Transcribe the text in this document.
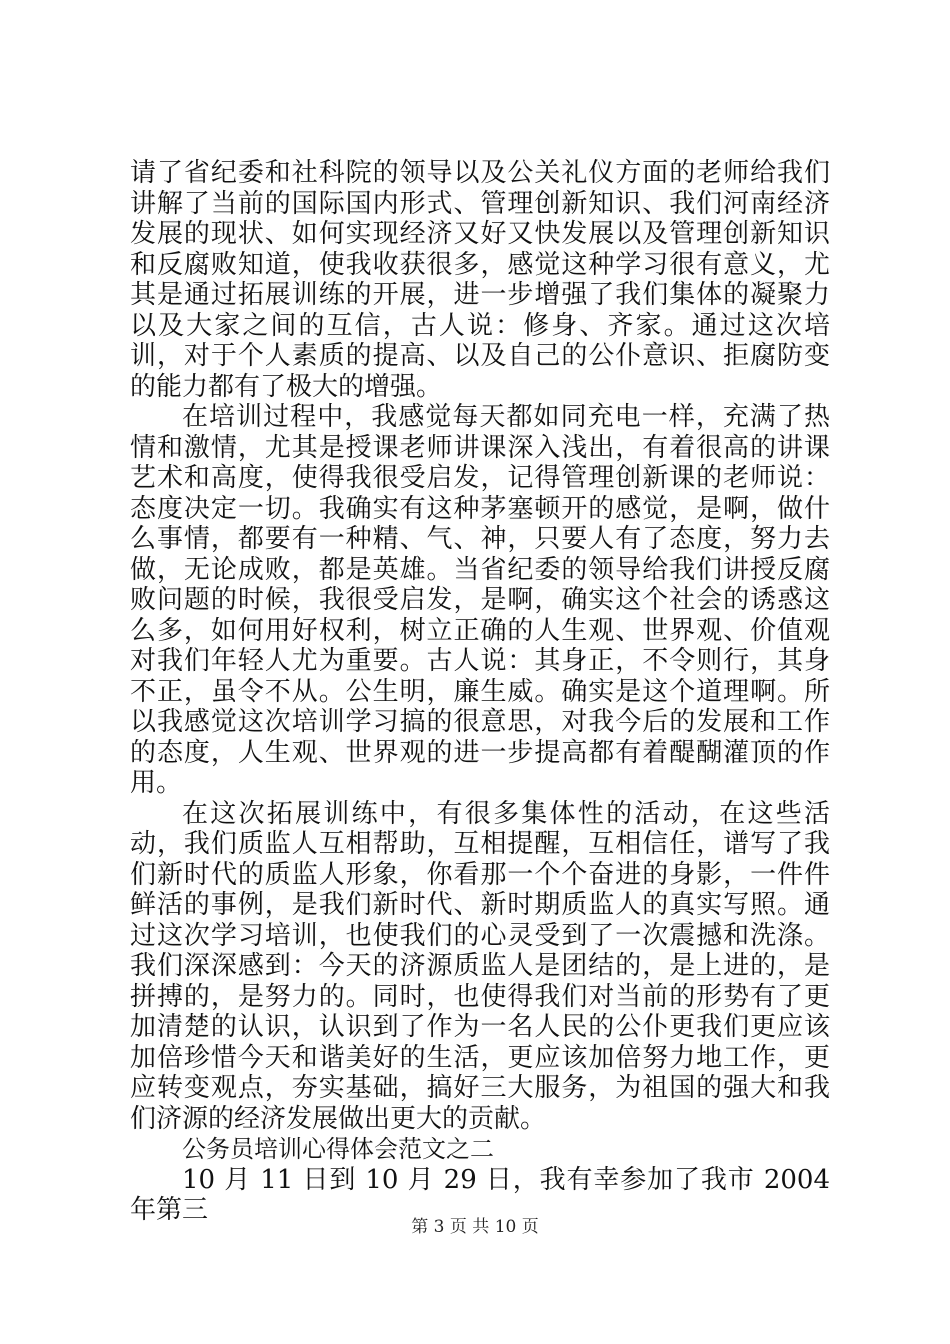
请了省纪委和社科院的领导以及公关礼仪方面的老师给我们讲解了当前的国际国内形式、管理创新知识、我们河南经济发展的现状、如何实现经济又好又快发展以及管理创新知识和反腐败知道，使我收获很多，感觉这种学习很有意义，尤其是通过拓展训练的开展，进一步增强了我们集体的凝聚力以及大家之间的互信，古人说：修身、齐家。通过这次培训，对于个人素质的提高、以及自己的公仆意识、拒腐防变的能力都有了极大的增强。

在培训过程中，我感觉每天都如同充电一样，充满了热情和激情，尤其是授课老师讲课深入浅出，有着很高的讲课艺术和高度，使得我很受启发，记得管理创新课的老师说：态度决定一切。我确实有这种茅塞顿开的感觉，是啊，做什么事情，都要有一种精、气、神，只要人有了态度，努力去做，无论成败，都是英雄。当省纪委的领导给我们讲授反腐败问题的时候，我很受启发，是啊，确实这个社会的诱惑这么多，如何用好权利，树立正确的人生观、世界观、价值观对我们年轻人尤为重要。古人说：其身正，不令则行，其身不正，虽令不从。公生明，廉生威。确实是这个道理啊。所以我感觉这次培训学习搞的很意思，对我今后的发展和工作的态度，人生观、世界观的进一步提高都有着醍醐灌顶的作用。

在这次拓展训练中，有很多集体性的活动，在这些活动，我们质监人互相帮助，互相提醒，互相信任，谱写了我们新时代的质监人形象，你看那一个个奋进的身影，一件件鲜活的事例，是我们新时代、新时期质监人的真实写照。通过这次学习培训，也使我们的心灵受到了一次震撼和洗涤。我们深深感到：今天的济源质监人是团结的，是上进的，是拼搏的，是努力的。同时，也使得我们对当前的形势有了更加清楚的认识，认识到了作为一名人民的公仆更我们更应该加倍珍惜今天和谐美好的生活，更应该加倍努力地工作，更应转变观点，夯实基础，搞好三大服务，为祖国的强大和我们济源的经济发展做出更大的贡献。

公务员培训心得体会范文之二

10 月 11 日到 10 月 29 日，我有幸参加了我市 2004 年第三

第 3 页 共 10 页
